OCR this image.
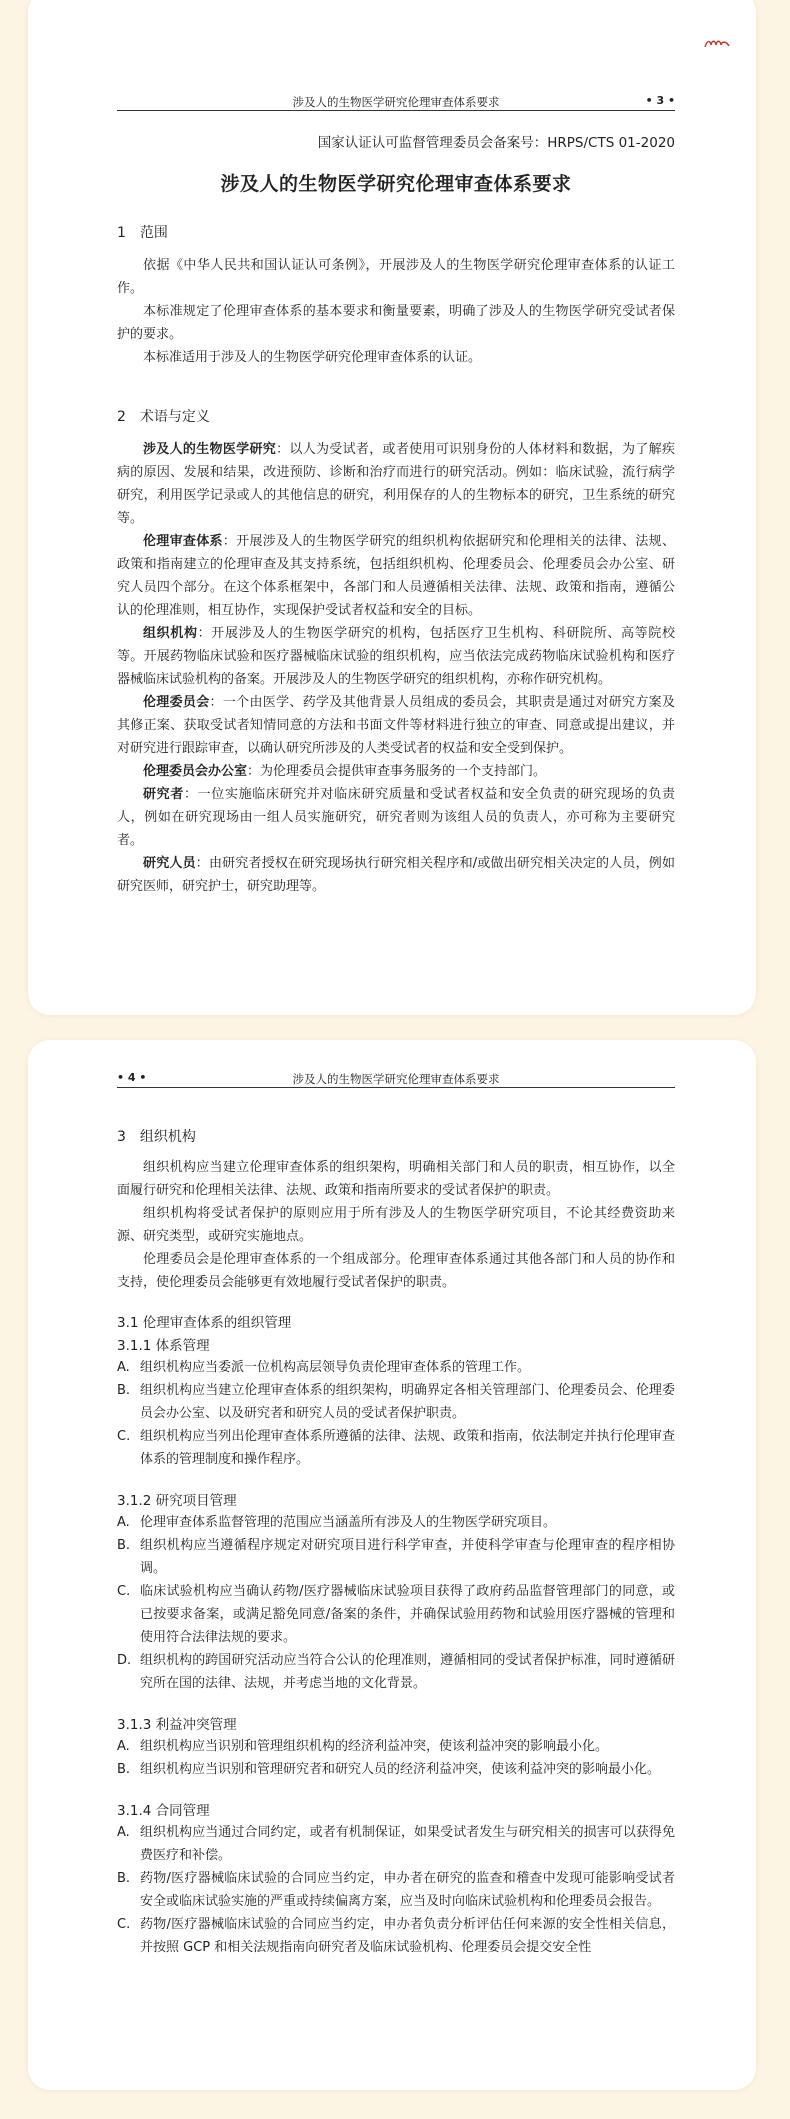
涉及人的生物医学研究伦理审查体系要求	• 3 •
国家认证认可监督管理委员会备案号：HRPS/CTS 01-2020
涉及人的生物医学研究伦理审查体系要求
1　范围

依据《中华人民共和国认证认可条例》，开展涉及人的生物医学研究伦理审查体系的认证工作。

本标准规定了伦理审查体系的基本要求和衡量要素，明确了涉及人的生物医学研究受试者保护的要求。

本标准适用于涉及人的生物医学研究伦理审查体系的认证。

2　术语与定义

涉及人的生物医学研究：以人为受试者，或者使用可识别身份的人体材料和数据，为了解疾病的原因、发展和结果，改进预防、诊断和治疗而进行的研究活动。例如：临床试验，流行病学研究，利用医学记录或人的其他信息的研究，利用保存的人的生物标本的研究，卫生系统的研究等。

伦理审查体系：开展涉及人的生物医学研究的组织机构依据研究和伦理相关的法律、法规、政策和指南建立的伦理审查及其支持系统，包括组织机构、伦理委员会、伦理委员会办公室、研究人员四个部分。在这个体系框架中，各部门和人员遵循相关法律、法规、政策和指南，遵循公认的伦理准则，相互协作，实现保护受试者权益和安全的目标。

组织机构：开展涉及人的生物医学研究的机构，包括医疗卫生机构、科研院所、高等院校等。开展药物临床试验和医疗器械临床试验的组织机构，应当依法完成药物临床试验机构和医疗器械临床试验机构的备案。开展涉及人的生物医学研究的组织机构，亦称作研究机构。

伦理委员会：一个由医学、药学及其他背景人员组成的委员会，其职责是通过对研究方案及其修正案、获取受试者知情同意的方法和书面文件等材料进行独立的审查、同意或提出建议，并对研究进行跟踪审查，以确认研究所涉及的人类受试者的权益和安全受到保护。

伦理委员会办公室：为伦理委员会提供审查事务服务的一个支持部门。

研究者：一位实施临床研究并对临床研究质量和受试者权益和安全负责的研究现场的负责人，例如在研究现场由一组人员实施研究，研究者则为该组人员的负责人，亦可称为主要研究者。

研究人员：由研究者授权在研究现场执行研究相关程序和/或做出研究相关决定的人员，例如研究医师，研究护士，研究助理等。

• 4 •	涉及人的生物医学研究伦理审查体系要求
3　组织机构

组织机构应当建立伦理审查体系的组织架构，明确相关部门和人员的职责，相互协作，以全面履行研究和伦理相关法律、法规、政策和指南所要求的受试者保护的职责。

组织机构将受试者保护的原则应用于所有涉及人的生物医学研究项目，不论其经费资助来源、研究类型，或研究实施地点。

伦理委员会是伦理审查体系的一个组成部分。伦理审查体系通过其他各部门和人员的协作和支持，使伦理委员会能够更有效地履行受试者保护的职责。

3.1 伦理审查体系的组织管理
3.1.1 体系管理
A. 组织机构应当委派一位机构高层领导负责伦理审查体系的管理工作。
B. 组织机构应当建立伦理审查体系的组织架构，明确界定各相关管理部门、伦理委员会、伦理委员会办公室、以及研究者和研究人员的受试者保护职责。
C. 组织机构应当列出伦理审查体系所遵循的法律、法规、政策和指南，依法制定并执行伦理审查体系的管理制度和操作程序。
3.1.2 研究项目管理
A. 伦理审查体系监督管理的范围应当涵盖所有涉及人的生物医学研究项目。
B. 组织机构应当遵循程序规定对研究项目进行科学审查，并使科学审查与伦理审查的程序相协调。
C. 临床试验机构应当确认药物/医疗器械临床试验项目获得了政府药品监督管理部门的同意，或已按要求备案，或满足豁免同意/备案的条件，并确保试验用药物和试验用医疗器械的管理和使用符合法律法规的要求。
D. 组织机构的跨国研究活动应当符合公认的伦理准则，遵循相同的受试者保护标准，同时遵循研究所在国的法律、法规，并考虑当地的文化背景。
3.1.3 利益冲突管理
A. 组织机构应当识别和管理组织机构的经济利益冲突，使该利益冲突的影响最小化。
B. 组织机构应当识别和管理研究者和研究人员的经济利益冲突，使该利益冲突的影响最小化。
3.1.4 合同管理
A. 组织机构应当通过合同约定，或者有机制保证，如果受试者发生与研究相关的损害可以获得免费医疗和补偿。
B. 药物/医疗器械临床试验的合同应当约定，申办者在研究的监查和稽查中发现可能影响受试者安全或临床试验实施的严重或持续偏离方案，应当及时向临床试验机构和伦理委员会报告。
C. 药物/医疗器械临床试验的合同应当约定，申办者负责分析评估任何来源的安全性相关信息，并按照 GCP 和相关法规指南向研究者及临床试验机构、伦理委员会提交安全性
